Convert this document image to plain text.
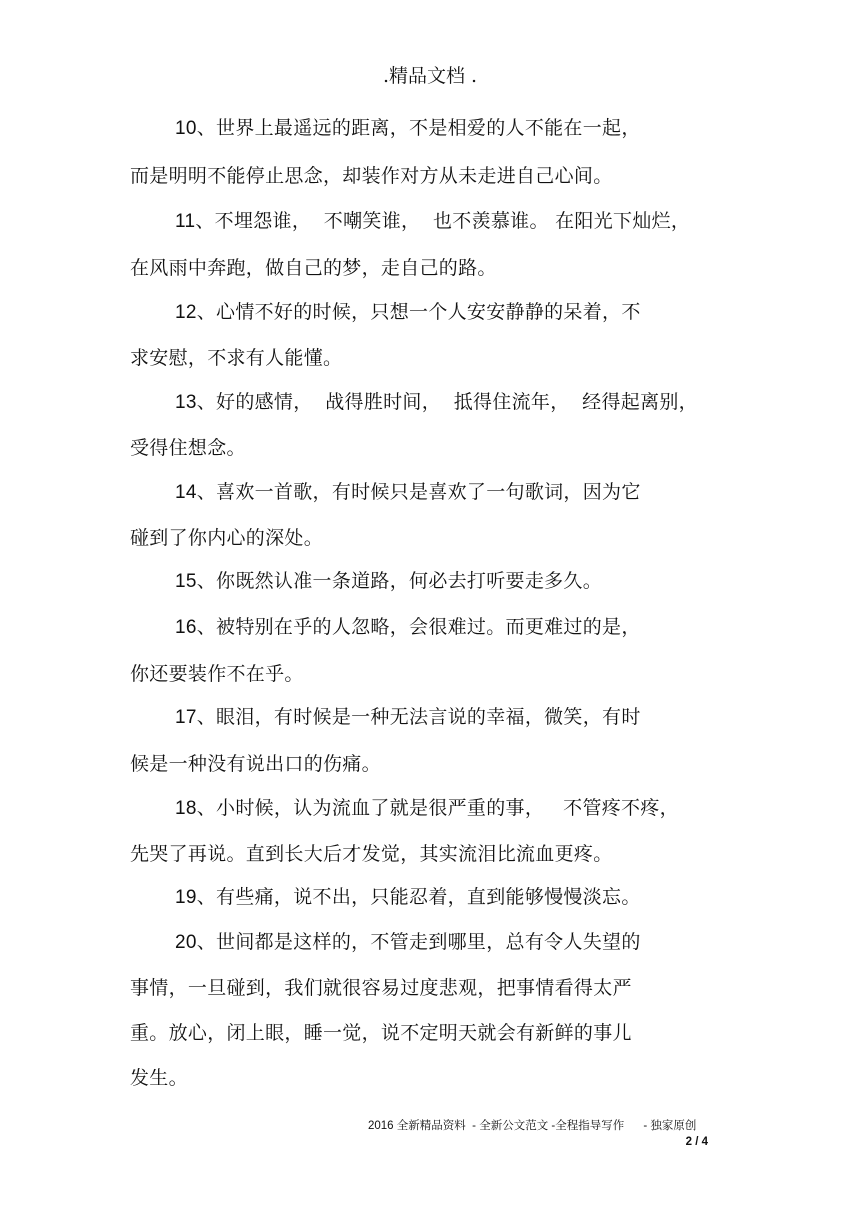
.精品文档 .
10、世界上最遥远的距离，不是相爱的人不能在一起，
而是明明不能停止思念，却装作对方从未走进自己心间。
11、不埋怨谁，  不嘲笑谁，  也不羡慕谁。 在阳光下灿烂，
在风雨中奔跑，做自己的梦，走自己的路。
12、心情不好的时候，只想一个人安安静静的呆着，不
求安慰，不求有人能懂。
13、好的感情，  战得胜时间，  抵得住流年，  经得起离别，
受得住想念。
14、喜欢一首歌，有时候只是喜欢了一句歌词，因为它
碰到了你内心的深处。
15、你既然认准一条道路，何必去打听要走多久。
16、被特别在乎的人忽略，会很难过。而更难过的是，
你还要装作不在乎。
17、眼泪，有时候是一种无法言说的幸福，微笑，有时
候是一种没有说出口的伤痛。
18、小时候，认为流血了就是很严重的事，   不管疼不疼，
先哭了再说。直到长大后才发觉，其实流泪比流血更疼。
19、有些痛，说不出，只能忍着，直到能够慢慢淡忘。
20、世间都是这样的，不管走到哪里，总有令人失望的
事情，一旦碰到，我们就很容易过度悲观，把事情看得太严
重。放心，闭上眼，睡一觉，说不定明天就会有新鲜的事儿
发生。
2016 全新精品资料  - 全新公文范文 -全程指导写作      - 独家原创
2 / 4
